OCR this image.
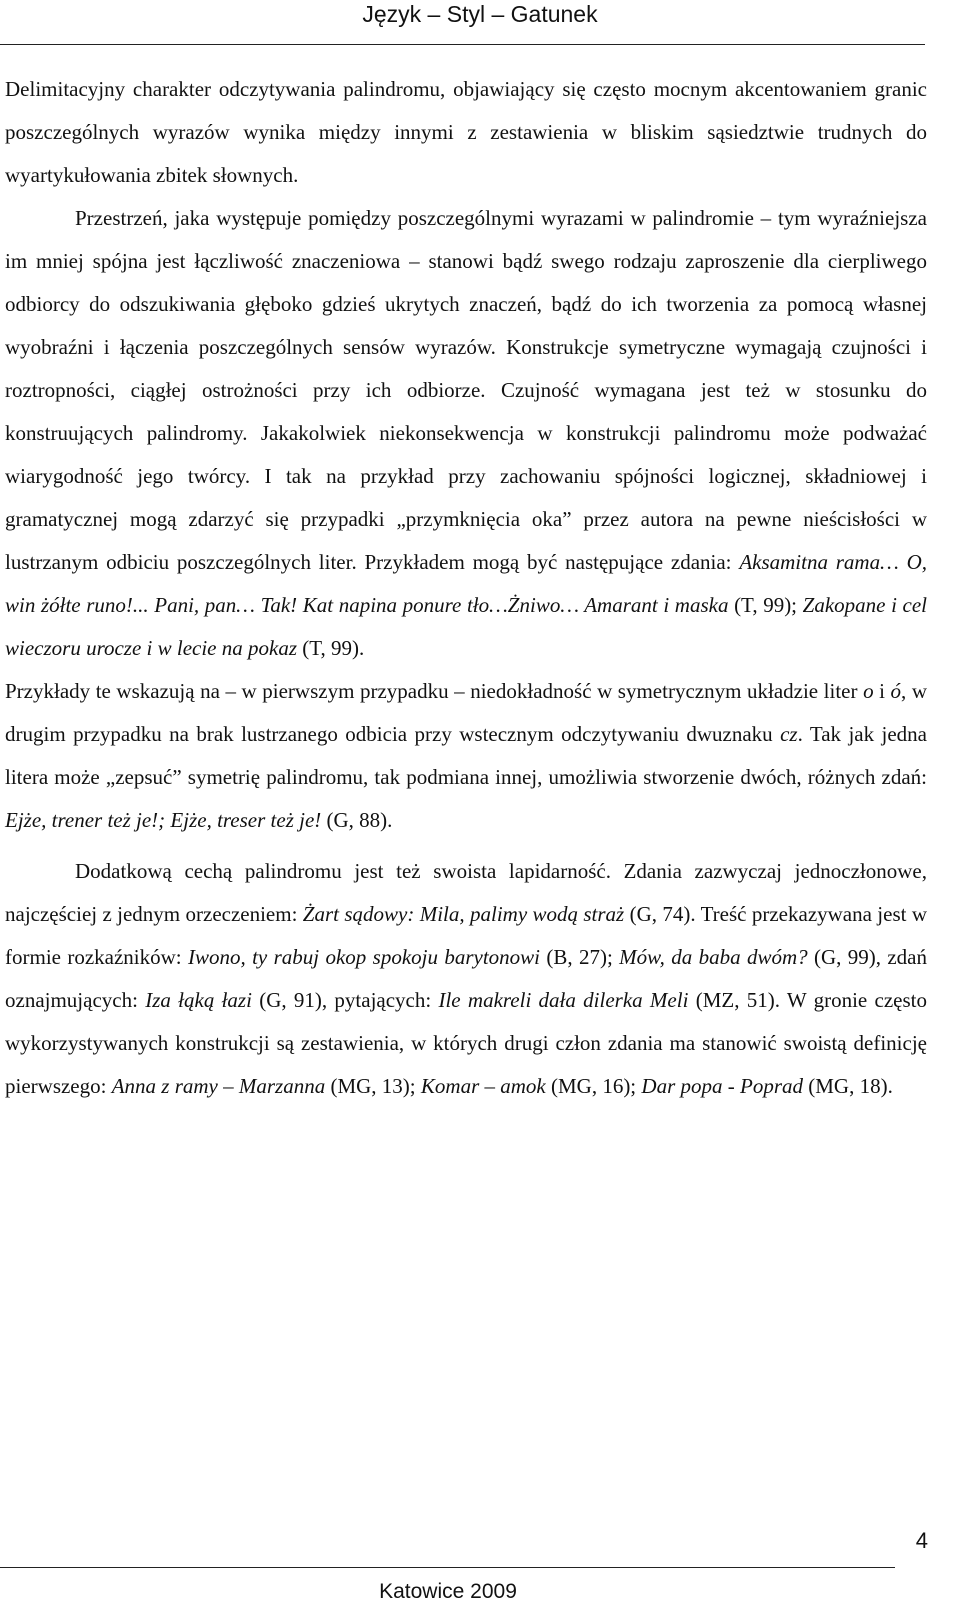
Język – Styl – Gatunek

Delimitacyjny charakter odczytywania palindromu, objawiający się często mocnym akcentowaniem granic poszczególnych wyrazów wynika między innymi z zestawienia w bliskim sąsiedztwie trudnych do wyartykułowania zbitek słownych.

Przestrzeń, jaka występuje pomiędzy poszczególnymi wyrazami w palindromie – tym wyraźniejsza im mniej spójna jest łączliwość znaczeniowa – stanowi bądź swego rodzaju zaproszenie dla cierpliwego odbiorcy do odszukiwania głęboko gdzieś ukrytych znaczeń, bądź do ich tworzenia za pomocą własnej wyobraźni i łączenia poszczególnych sensów wyrazów. Konstrukcje symetryczne wymagają czujności i roztropności, ciągłej ostrożności przy ich odbiorze. Czujność wymagana jest też w stosunku do konstruujących palindromy. Jakakolwiek niekonsekwencja w konstrukcji palindromu może podważać wiarygodność jego twórcy. I tak na przykład przy zachowaniu spójności logicznej, składniowej i gramatycznej mogą zdarzyć się przypadki „przymknięcia oka” przez autora na pewne nieścisłości w lustrzanym odbiciu poszczególnych liter. Przykładem mogą być następujące zdania: Aksamitna rama… O, win żółte runo!... Pani, pan… Tak! Kat napina ponure tło…Żniwo… Amarant i maska (T, 99); Zakopane i cel wieczoru urocze i w lecie na pokaz (T, 99).

Przykłady te wskazują na – w pierwszym przypadku – niedokładność w symetrycznym układzie liter o i ó, w drugim przypadku na brak lustrzanego odbicia przy wstecznym odczytywaniu dwuznaku cz. Tak jak jedna litera może „zepsuć” symetrię palindromu, tak podmiana innej, umożliwia stworzenie dwóch, różnych zdań: Ejże, trener też je!; Ejże, treser też je! (G, 88).

Dodatkową cechą palindromu jest też swoista lapidarność. Zdania zazwyczaj jednoczłonowe, najczęściej z jednym orzeczeniem: Żart sądowy: Mila, palimy wodą straż (G, 74). Treść przekazywana jest w formie rozkaźników: Iwono, ty rabuj okop spokoju barytonowi (B, 27); Mów, da baba dwóm? (G, 99), zdań oznajmujących: Iza łąką łazi (G, 91), pytających: Ile makreli dała dilerka Meli (MZ, 51). W gronie często wykorzystywanych konstrukcji są zestawienia, w których drugi człon zdania ma stanowić swoistą definicję pierwszego: Anna z ramy – Marzanna (MG, 13); Komar – amok (MG, 16); Dar popa - Poprad (MG, 18).

4
Katowice 2009
